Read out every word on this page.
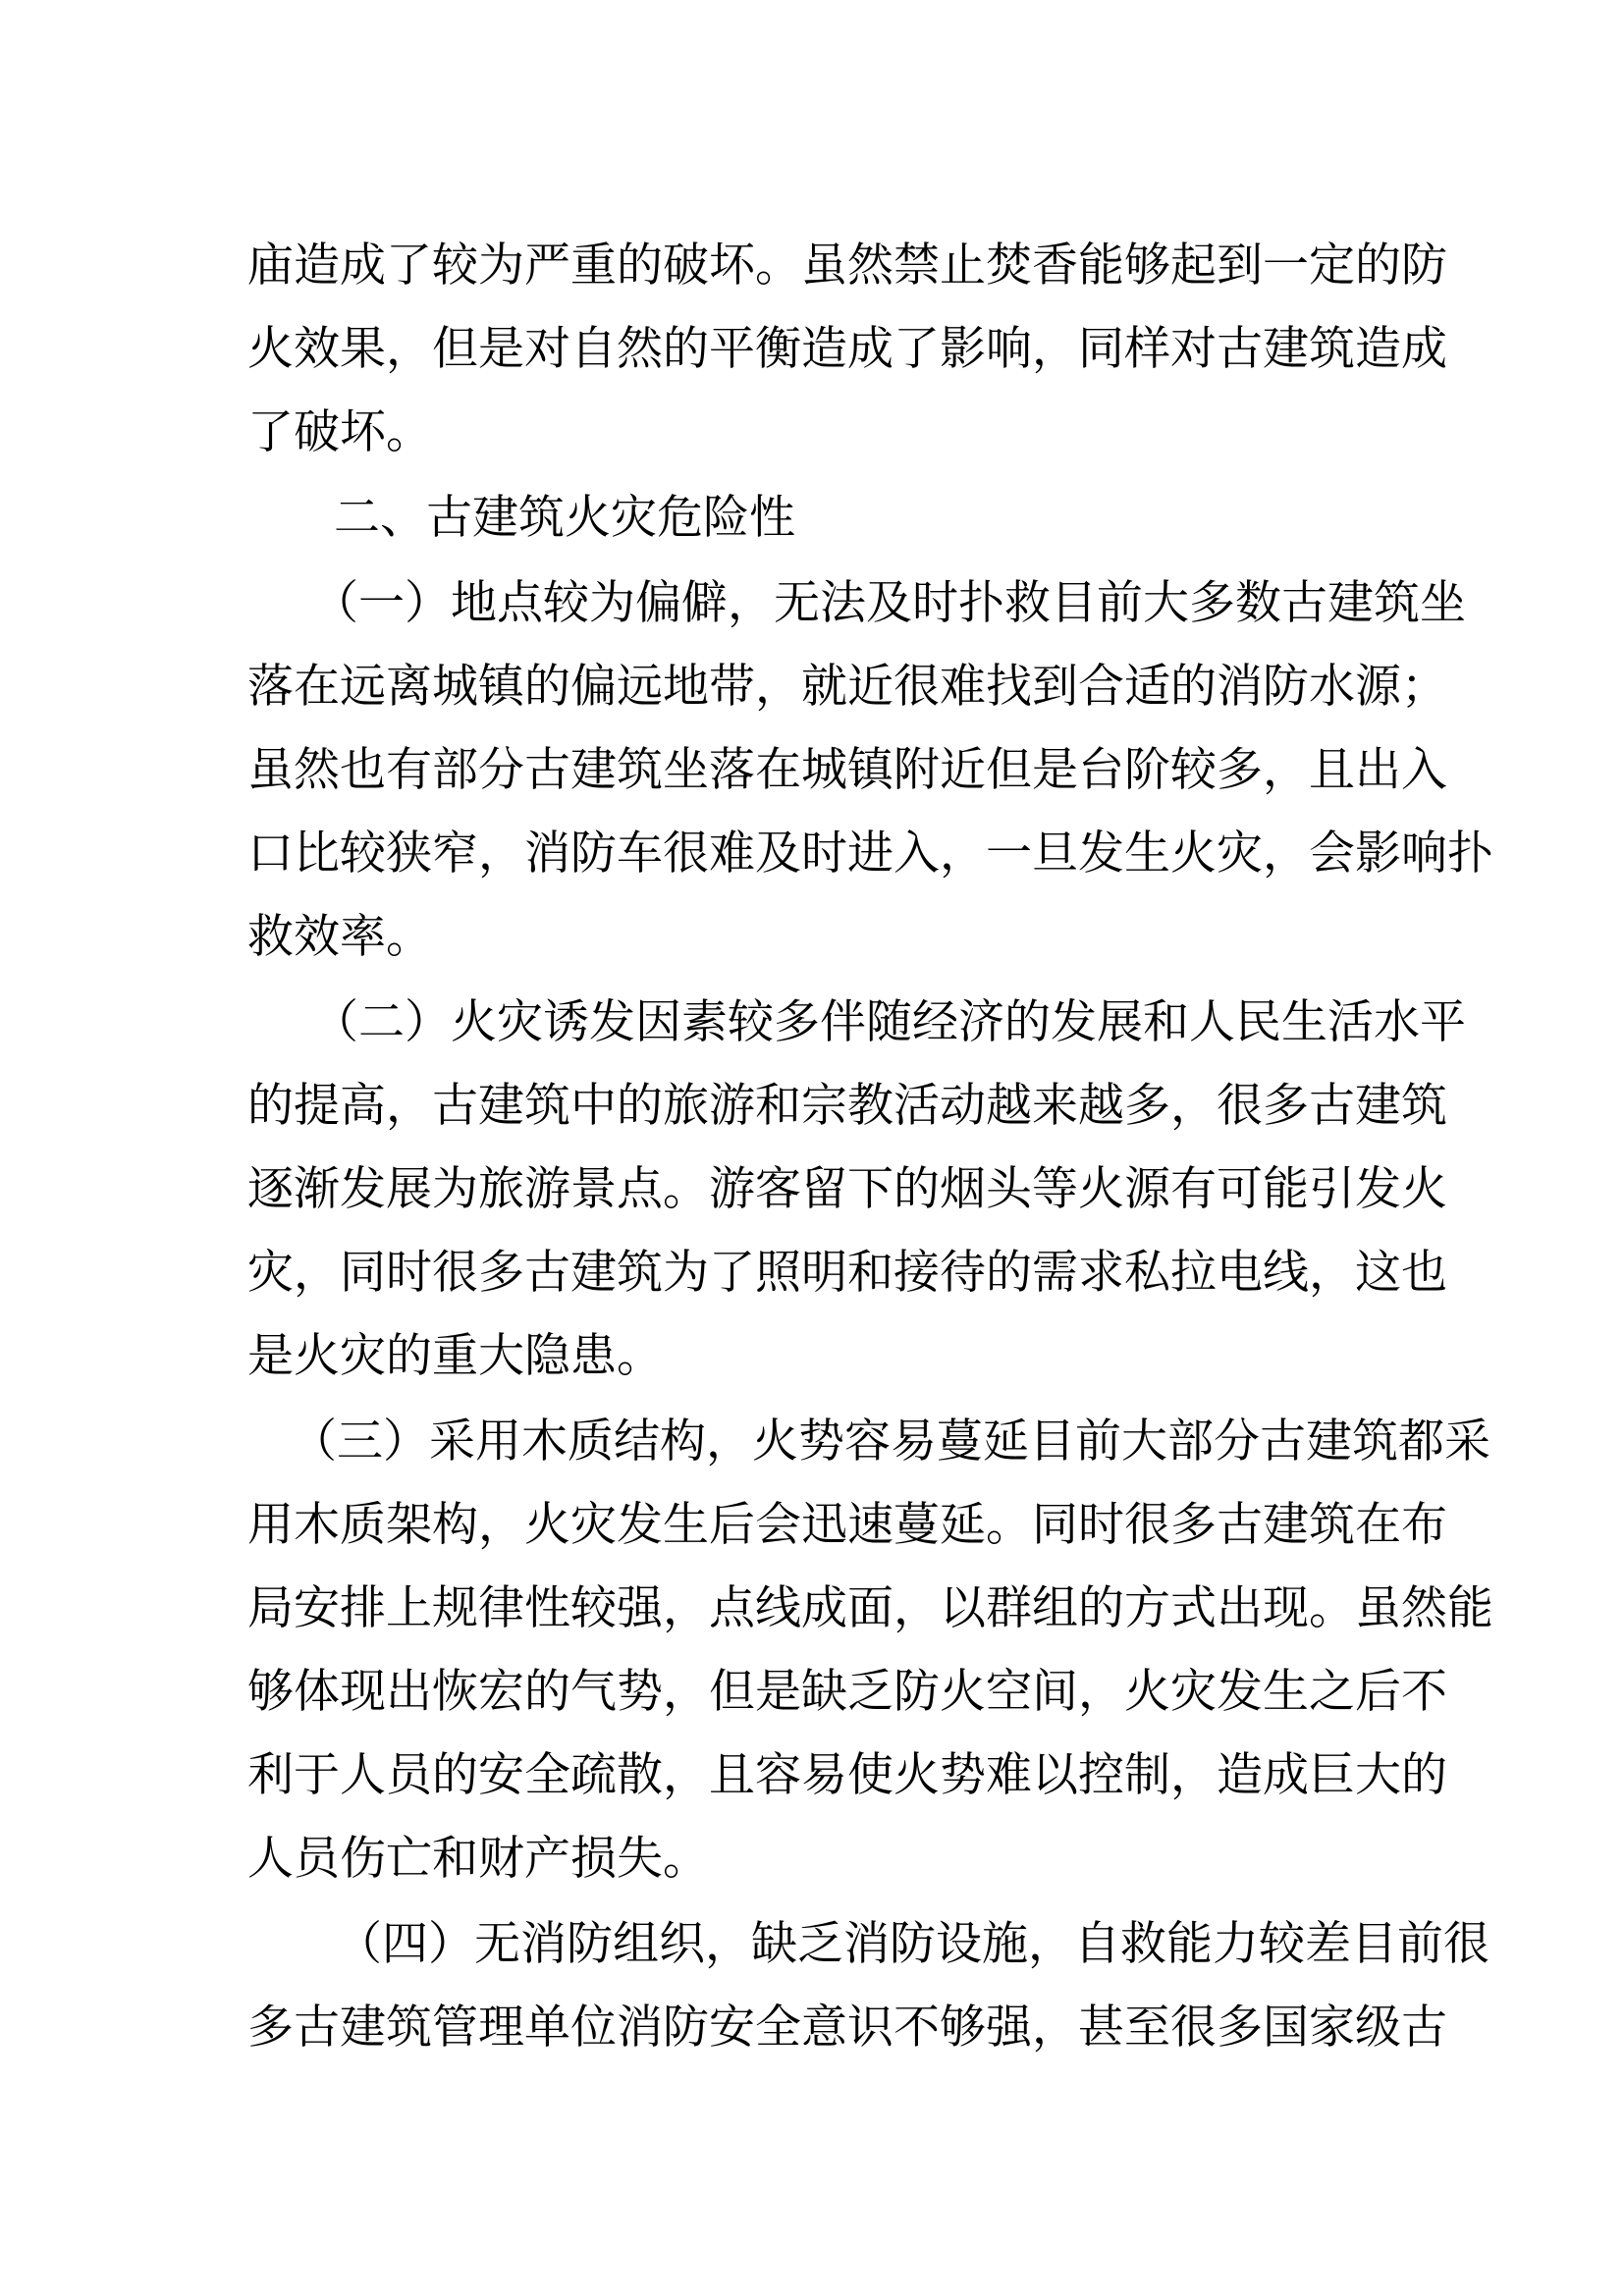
庙 造 成 了 较 为 严 重 的 破 坏 。 虽 然 禁 止 焚 香 能 够 起 到 一 定 的 防

火 效 果 ， 但 是 对 自 然 的 平 衡 造 成 了 影 响 ， 同 样 对 古 建 筑 造 成

了破坏。

二、古建筑火灾危险性

（一）地点较为偏僻，无法及时扑救目前大多数古建筑坐

落 在 远 离 城 镇 的 偏 远 地 带 ， 就 近 很 难 找 到 合 适 的 消 防 水 源 ；

虽 然 也 有 部 分 古 建 筑 坐 落 在 城 镇 附 近 但 是 台 阶 较 多 ， 且 出 入

口 比 较 狭 窄 ， 消 防 车 很 难 及 时 进 入 ， 一 旦 发 生 火 灾 ， 会 影 响 扑

救效率。

（二）火灾诱发因素较多伴随经济的发展和人民生活水平

的 提 高 ， 古 建 筑 中 的 旅 游 和 宗 教 活 动 越 来 越 多 ， 很 多 古 建 筑

逐 渐 发 展 为 旅 游 景 点 。 游 客 留 下 的 烟 头 等 火 源 有 可 能 引 发 火

灾 ， 同 时 很 多 古 建 筑 为 了 照 明 和 接 待 的 需 求 私 拉 电 线 ， 这 也

是火灾的重大隐患。

（三）采用木质结构，火势容易蔓延目前大部分古建筑都采

用 木 质 架 构 ， 火 灾 发 生 后 会 迅 速 蔓 延 。 同 时 很 多 古 建 筑 在 布

局 安 排 上 规 律 性 较 强 ， 点 线 成 面 ， 以 群 组 的 方 式 出 现 。 虽 然 能

够 体 现 出 恢 宏 的 气 势 ， 但 是 缺 乏 防 火 空 间 ， 火 灾 发 生 之 后 不

利 于 人 员 的 安 全 疏 散 ， 且 容 易 使 火 势 难 以 控 制 ， 造 成 巨 大 的

人员伤亡和财产损失。

（四）无消防组织，缺乏消防设施，自救能力较差目前很

多 古 建 筑 管 理 单 位 消 防 安 全 意 识 不 够 强 ， 甚 至 很 多 国 家 级 古
